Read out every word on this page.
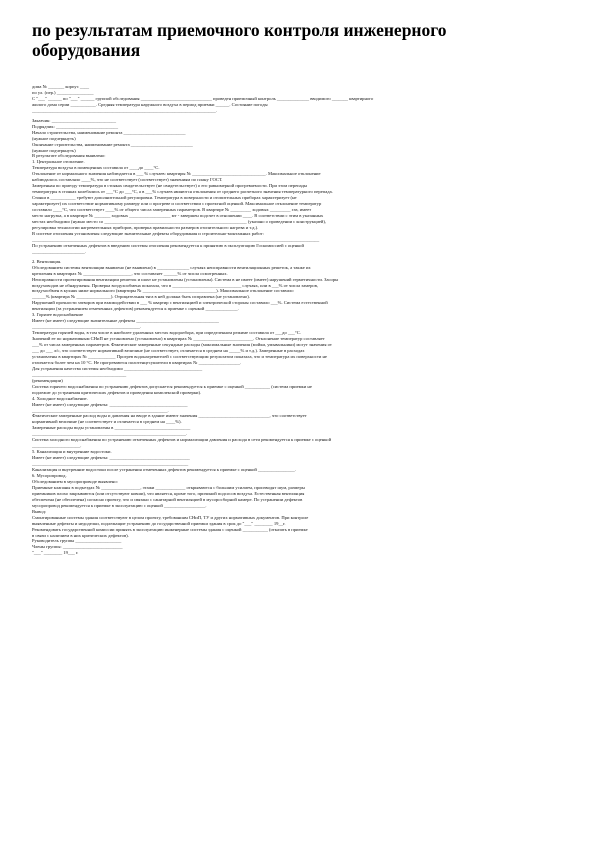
по результатам приемочного контроля инженерного
оборудования
дома № _______ корпус ____
по ул. (пер.) ________________
С "___" ______ по "___" ______ группой обследования _______________________________ проведен приемочный контроль ______________ вводимого _______ квартирного
жилого дома серии ___________. Средняя температура наружного воздуха в период приемки ______. Состояние погоды
________________________________________________________________________________.
Заказчик: ____________________________
Подрядчик: ___________________________
Начало строительства, наименование ремонта ___________________________
(нужное подчеркнуть)
Окончание строительства, наименование ремонта ___________________________
(нужное подчеркнуть)
В результате обследования выявлено:
1. Центральное отопление.
Температура воздуха в помещениях составила от ____до ____°С.
Отклонение от нормального значения наблюдается в ___ % случаев: квартиры № ________________________________. Максимальное отклонение
наблюдалось составляло ____%, что не соответствует (соответствует) значениям по плану ГОСТ.
Замеренная по приезду температура в стояках свидетельствует (не свидетельствует) о его равномерной прогреваемости. При этом перепады
температуры в стояках колебались от ___°С до ___°С, а в ___% случаев являются отклонения от среднего расчетного значения температурного перепада.
Стояки в ___________ требуют дополнительной регулировки. Температура в поверхности и отопительных приборах характеризует (не
характеризует) их соответствие нормативному размеру или о прогреве и соответствии с проектной оценкой. Максимальное отклонение температур
составило ____°С, что соответствует ____% от общего числа замеренных параметров. В квартире № _________ ходовых _________ газ, имеет
место нагрузка, а в квартире № _______ ходовых __________________ мт - завершен подсчет в отношении ____. В соответствии с этим в указанных
местах необходимо (нужно место со ______________________________________________________________ (указано о проведении с конструкцией),
регулировка технологии нагревательных приборов, проверка правильности размеров отопительного нагрева и т.д.).
В системе отопления установлены следующие значительные дефекты оборудования и строительно-монтажных работ:
_____________________________________________________________________________________________________________________________
По устранению отмеченных дефектов в введению системы отопления рекомендуется к принятию в эксплуатацию Госкомиссией с оценкой
_______________________.
2. Вентиляция.
Обследованием системы вентиляции выявлено (не выявлено) в ______________ случаях неисправности вентиляционных решеток, а также их
крепления в квартирах № _____________________, что составляет ______% от числа осмотренных.
Неисправности проектирования вентиляции решеток и шахт не установлены (установлены). Система в не имеет (имеет) нарушений герметичности. Засоры
воздуховодов не обнаружены. Проверка воздухообмена показала, что в ______________________________ случаях, или в ___% от числа замеров,
воздухообмен в кухнях ниже нормального (квартиры № ________________________________). Максимальное отклонение составило
______% (квартира № _______________). Отрицательная тяга в ней должна быть исправлена (не установлено).
Нарушений прочности затворов при взаимодействии в ___ % квартир с вентиляцией и электрической стороны составило ___%. Система естественной
вентиляции (за устранением отмеченных дефектов) рекомендуется к приемке с оценкой ______________.
3. Горячее водоснабжение
Имеет (не имеет) следующие значительные дефекты ____________________________________
_______________________________________________.
Температура горячей воды, в том числе в наиболее удаленных местах водоразбора, при определенном режиме составила от ___до ___°С.
Значений ее по нормативным СНиП не установлено (установлено) в квартирах № __________________________. Отклонение температур составляет
___% от числа замеренных параметров. Фактические замеренные секундные расходы (максимальные значения (мойки, умывальники) могут значения от
___ до ___ л/с, что соответствует нормативной величине (не соответствует, отличается в среднем на _____% и т.д.). Замеренные в расходах
установлены в квартирах № ____________ Прогрев водонагревателей с соответствующим результатом показала, что и температура их поверхности не
отличается более чем на 10 °С. Не прогреваются полотенцесушители в квартирах № __________________.
Для устранения качества системы необходимо __________________________________
_________________________________________
(рекомендации)
Система горячего водоснабжения по устранению дефектов допускается рекомендуется к приемке с оценкой ___________ (система приемки не
подлежит до устранения критических дефектов и проведения комплексной проверки).
4. Холодное водоснабжение.
Имеет (не имеет) следующие дефекты: __________________________________
___________________________________________________________.
Фактические замеренные расход воды и давления на вводе в здание имеют значения _______________________________, что соответствует
нормативной величине (не соответствует и отличается в среднем на ____%).
Замеренные расходы воды установлены в _________________________________
___________________________________________________________________.
Система холодного водоснабжения по устранению отмеченных дефектов и нормализации давления и расхода в сети рекомендуется к приемке с оценкой
_____________________.
5. Канализация и внутренние водостоки.
Имеет (не имеет) следующие дефекты: ___________________________________
____________________________________________________________________
Канализация и внутренние водостоки после устранения отмеченных дефектов рекомендуется к приемке с оценкой ________________.
6. Мусоропровод.
Обследованием в мусоропроводе выявлено:
Приемные клапаны в подъездах № _________________, этажи _____________ открываются с большим усилием, производят шум, размеры
приемников плохо закрываются (или отсутствуют ковши), что является, кроме того, причиной подсосов воздуха. Естественная вентиляция
обеспечена (не обеспечена) согласно проекту, что и связано с санитарной вентиляцией в мусоросборной камере. По устранении дефектов
мусоропровод рекомендуется к приемке в эксплуатацию с оценкой __________________.
Вывод:
Смонтированные системы здания соответствуют в целом проекту, требованиям СНиП, ТУ и других нормативных документов. При контроле
выявленные дефекты и недоделки, подлежащие устранению до государственной приемки здания в срок до "___" ________ 19__г.
Рекомендовать государственной комиссии принять в эксплуатацию инженерные системы здания с оценкой ___________ (отказать в приемке
в связи с наличием в них критических дефектов).
Руководитель группы ____________________
Члены группы: __________________________
"___" ________ 19___ г.
